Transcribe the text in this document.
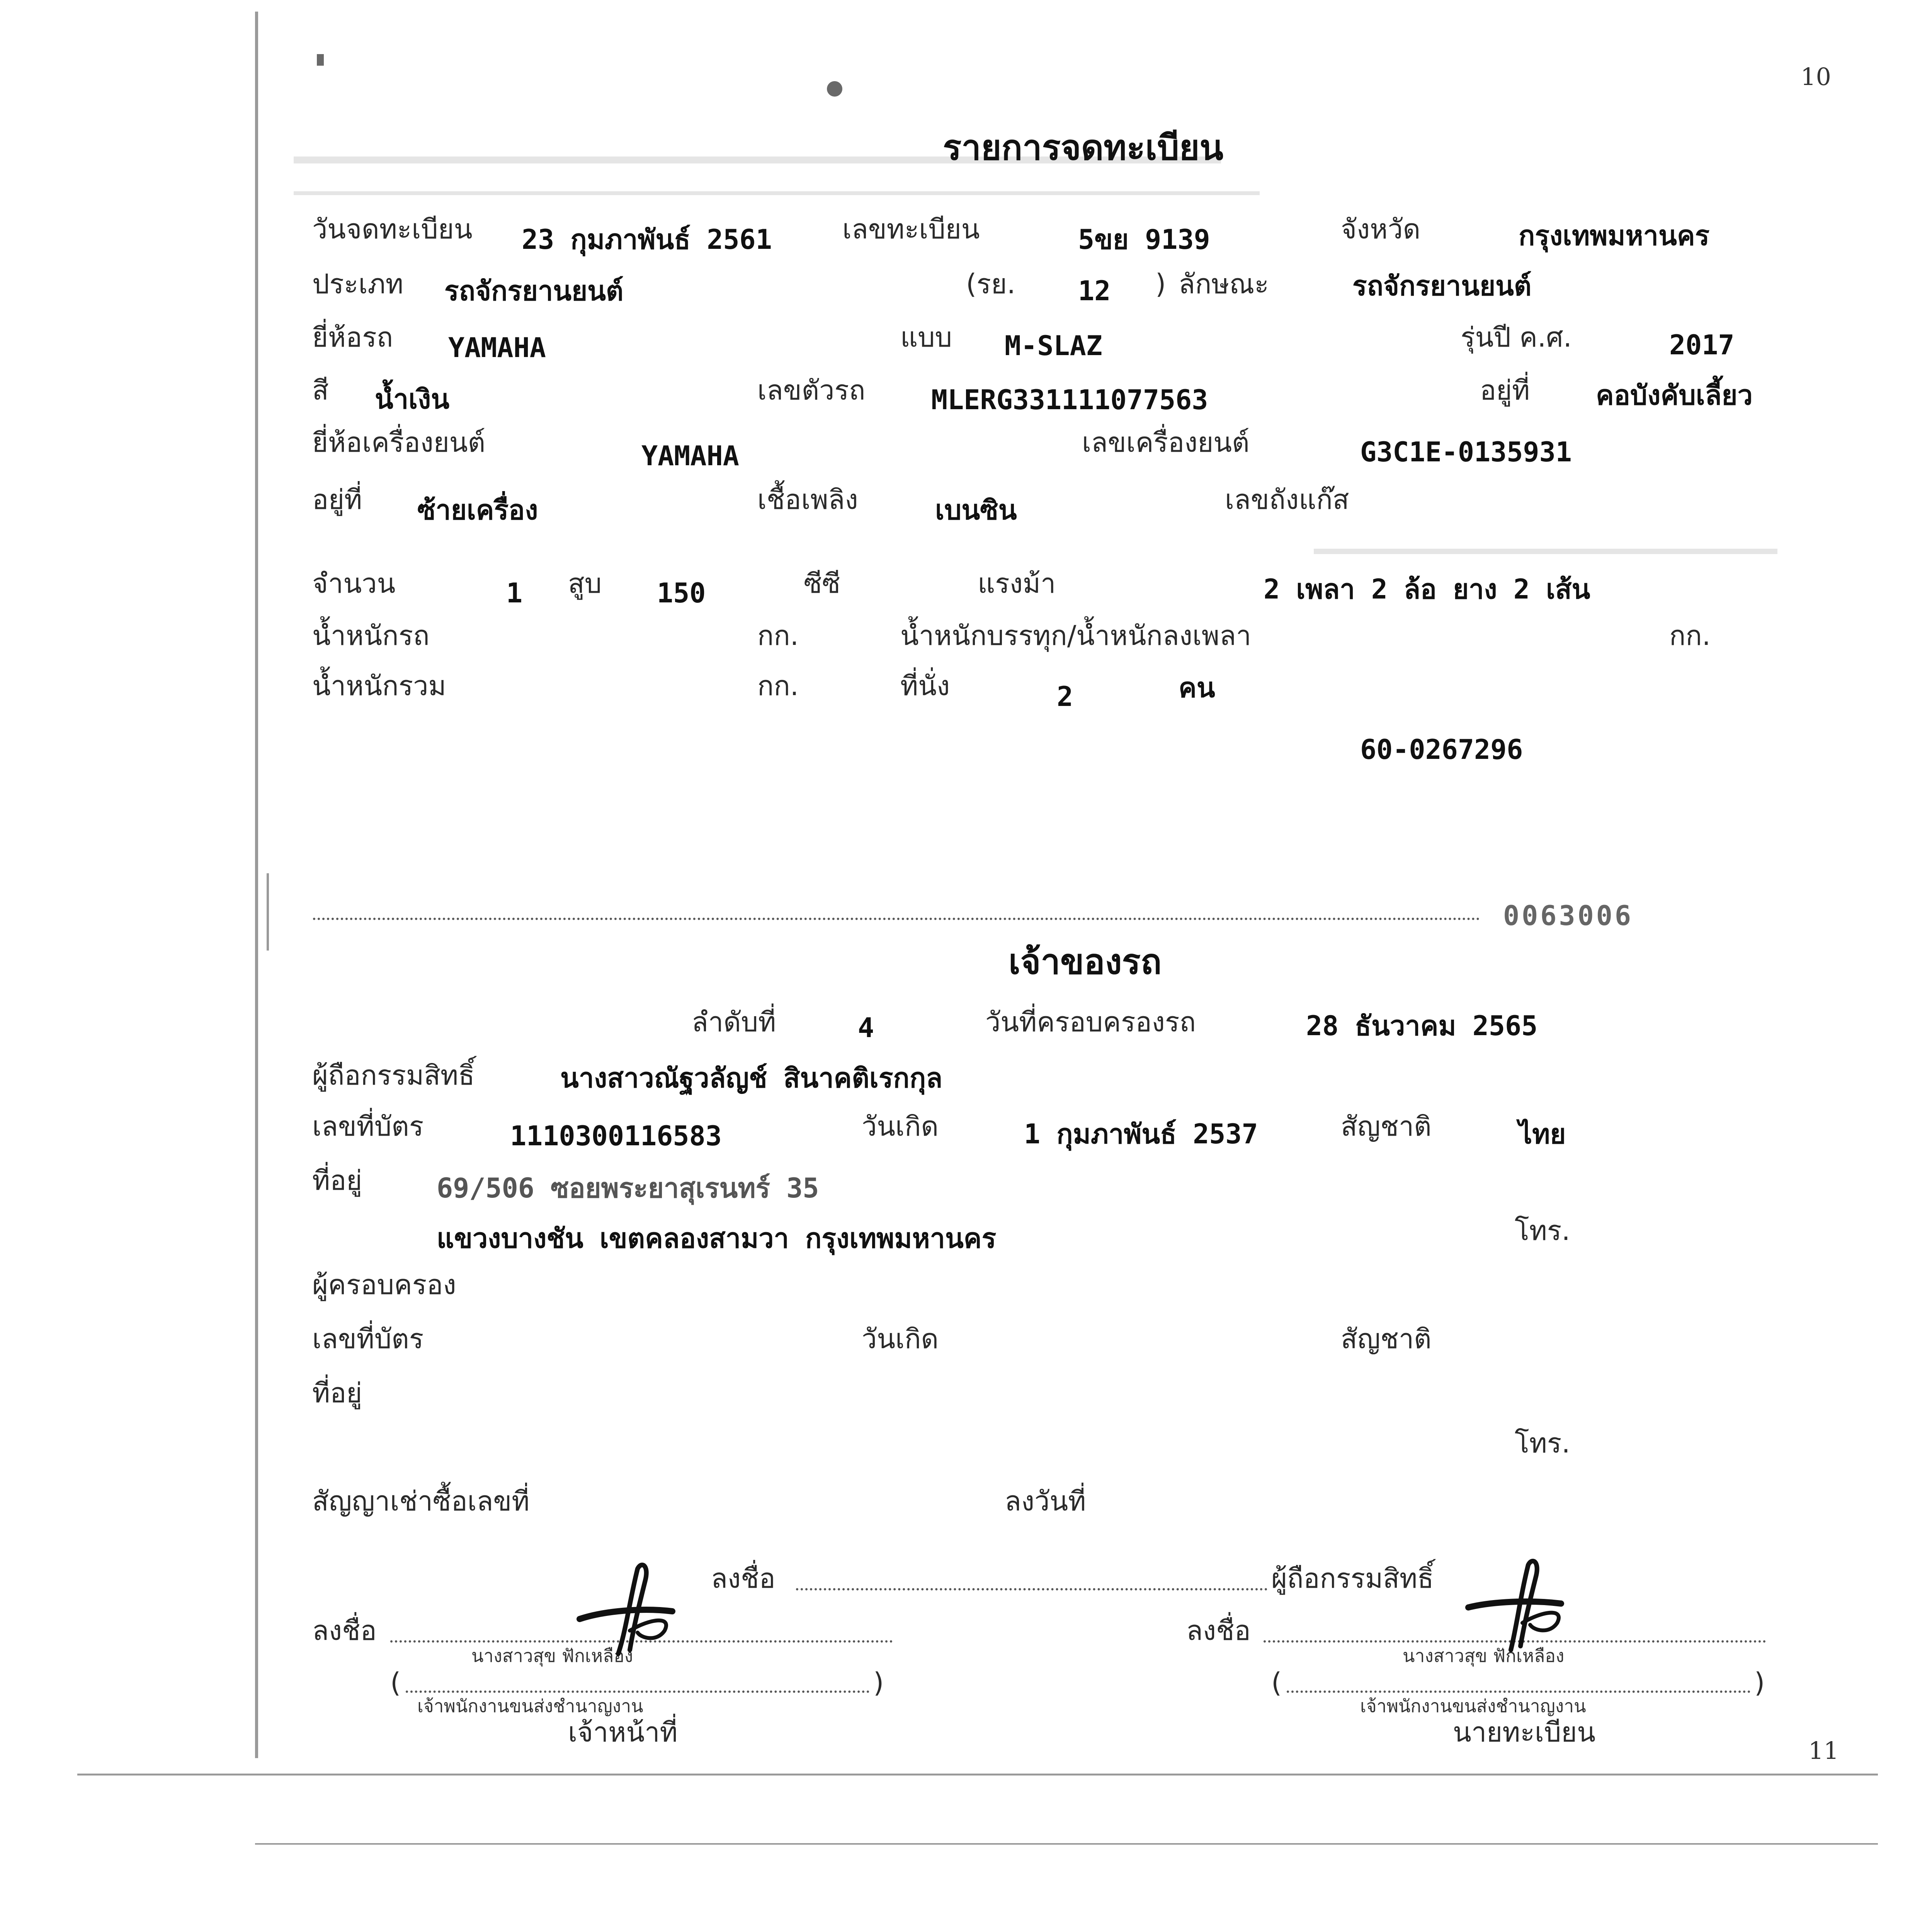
10
11
รายการจดทะเบียน
วันจดทะเบียน 23 กุมภาพันธ์ 2561	เลขทะเบียน	5ขย 9139	จังหวัด	กรุงเทพมหานคร
ประเภท รถจักรยานยนต์	(รย. 12 ) ลักษณะ	รถจักรยานยนต์
ยี่ห้อรถ YAMAHA	แบบ M-SLAZ	รุ่นปี ค.ศ.	2017
สี น้ำเงิน	เลขตัวรถ MLERG331111077563	อยู่ที่ คอบังคับเลี้ยว
ยี่ห้อเครื่องยนต์	YAMAHA	เลขเครื่องยนต์	G3C1E-0135931
อยู่ที่ ซ้ายเครื่อง	เชื้อเพลิง	เบนซิน	เลขถังแก๊ส
จำนวน	1 สูบ 150	ซีซี	แรงม้า	2 เพลา 2 ล้อ ยาง 2 เส้น
น้ำหนักรถ	กก.	น้ำหนักบรรทุก/น้ำหนักลงเพลา	กก.
น้ำหนักรวม	กก.	ที่นั่ง	2	คน
60-0267296
0063006
เจ้าของรถ
ลำดับที่	4	วันที่ครอบครองรถ	28 ธันวาคม 2565
ผู้ถือกรรมสิทธิ์	นางสาวณัฐวลัญช์ สินาคติเรกกุล
เลขที่บัตร	1110300116583	วันเกิด	1 กุมภาพันธ์ 2537	สัญชาติ	ไทย
ที่อยู่	69/506 ซอยพระยาสุเรนทร์ 35
แขวงบางชัน เขตคลองสามวา กรุงเทพมหานคร	โทร.
ผู้ครอบครอง
เลขที่บัตร	วันเกิด	สัญชาติ
ที่อยู่
โทร.
สัญญาเช่าซื้อเลขที่	ลงวันที่
ลงชื่อ	ผู้ถือกรรมสิทธิ์
ลงชื่อ
นางสาวสุข ฟักเหลือง
(	)
เจ้าพนักงานขนส่งชำนาญงาน
เจ้าหน้าที่
ลงชื่อ
นางสาวสุข ฟักเหลือง
(	)
เจ้าพนักงานขนส่งชำนาญงาน
นายทะเบียน
